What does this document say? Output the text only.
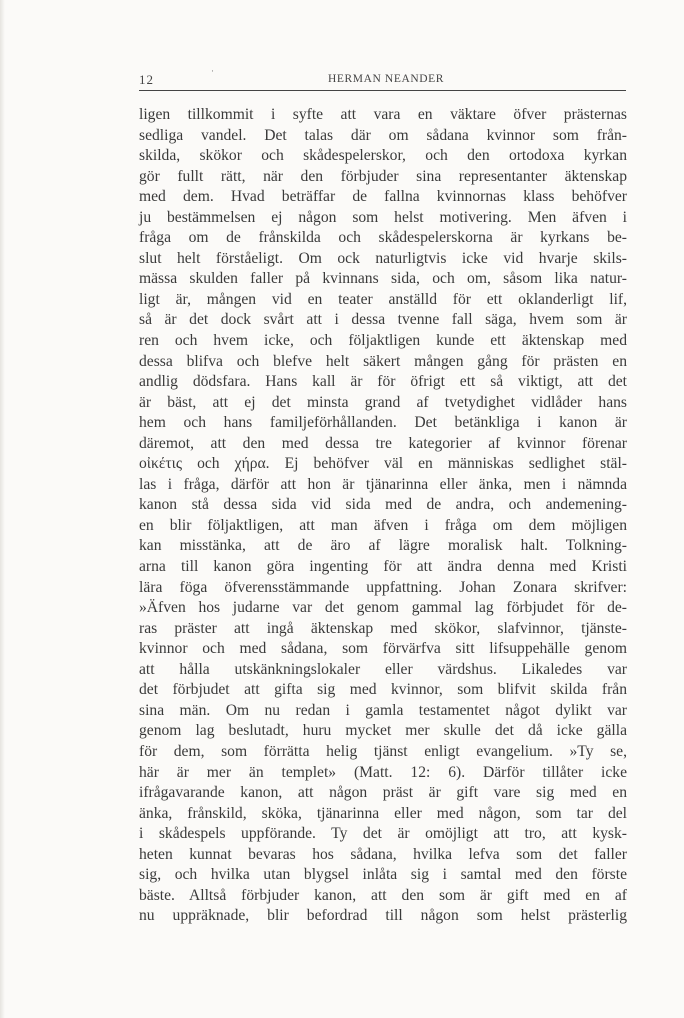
12
·
HERMAN NEANDER
ligen tillkommit i syfte att vara en väktare öfver prästernas
sedliga vandel. Det talas där om sådana kvinnor som från-
skilda, skökor och skådespelerskor, och den ortodoxa kyrkan
gör fullt rätt, när den förbjuder sina representanter äktenskap
med dem. Hvad beträffar de fallna kvinnornas klass behöfver
ju bestämmelsen ej någon som helst motivering. Men äfven i
fråga om de frånskilda och skådespelerskorna är kyrkans be-
slut helt förståeligt. Om ock naturligtvis icke vid hvarje skils-
mässa skulden faller på kvinnans sida, och om, såsom lika natur-
ligt är, mången vid en teater anställd för ett oklanderligt lif,
så är det dock svårt att i dessa tvenne fall säga, hvem som är
ren och hvem icke, och följaktligen kunde ett äktenskap med
dessa blifva och blefve helt säkert mången gång för prästen en
andlig dödsfara. Hans kall är för öfrigt ett så viktigt, att det
är bäst, att ej det minsta grand af tvetydighet vidlåder hans
hem och hans familjeförhållanden. Det betänkliga i kanon är
däremot, att den med dessa tre kategorier af kvinnor förenar
οἰκέτις och χήρα. Ej behöfver väl en människas sedlighet stäl-
las i fråga, därför att hon är tjänarinna eller änka, men i nämnda
kanon stå dessa sida vid sida med de andra, och andemening-
en blir följaktligen, att man äfven i fråga om dem möjligen
kan misstänka, att de äro af lägre moralisk halt. Tolkning-
arna till kanon göra ingenting för att ändra denna med Kristi
lära föga öfverensstämmande uppfattning. Johan Zonara skrifver:
»Äfven hos judarne var det genom gammal lag förbjudet för de-
ras präster att ingå äktenskap med skökor, slafvinnor, tjänste-
kvinnor och med sådana, som förvärfva sitt lifsuppehälle genom
att hålla utskänkningslokaler eller värdshus. Likaledes var
det förbjudet att gifta sig med kvinnor, som blifvit skilda från
sina män. Om nu redan i gamla testamentet något dylikt var
genom lag beslutadt, huru mycket mer skulle det då icke gälla
för dem, som förrätta helig tjänst enligt evangelium. »Ty se,
här är mer än templet» (Matt. 12: 6). Därför tillåter icke
ifrågavarande kanon, att någon präst är gift vare sig med en
änka, frånskild, sköka, tjänarinna eller med någon, som tar del
i skådespels uppförande. Ty det är omöjligt att tro, att kysk-
heten kunnat bevaras hos sådana, hvilka lefva som det faller
sig, och hvilka utan blygsel inlåta sig i samtal med den förste
bäste. Alltså förbjuder kanon, att den som är gift med en af
nu uppräknade, blir befordrad till någon som helst prästerlig
